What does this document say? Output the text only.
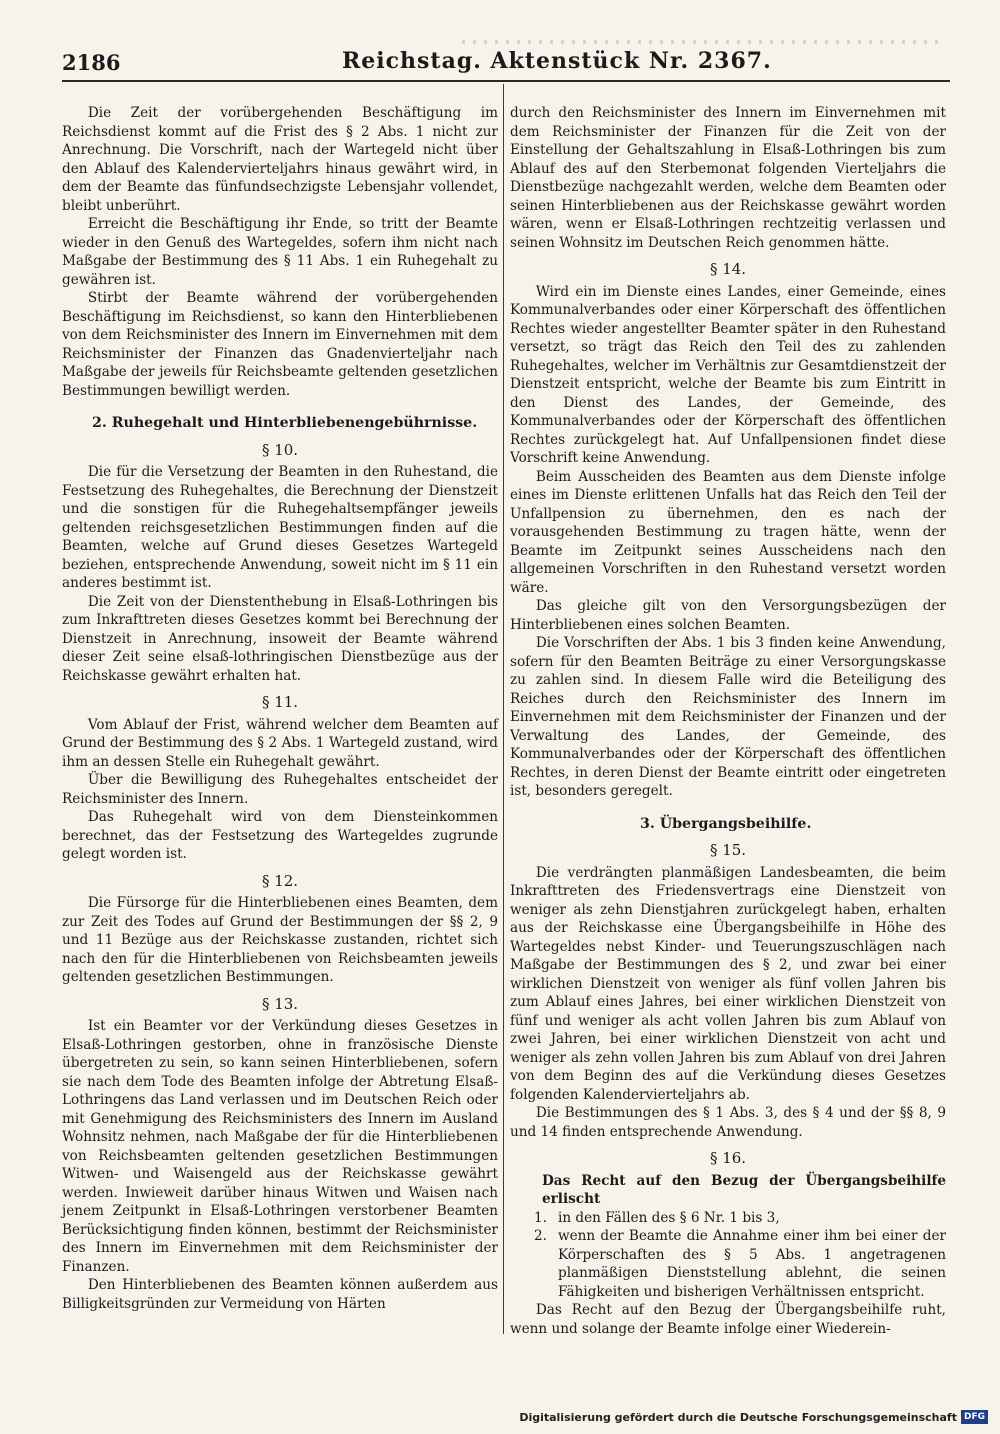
2186	Reichstag. Aktenstück Nr. 2367.

Die Zeit der vorübergehenden Beschäftigung im Reichsdienst kommt auf die Frist des § 2 Abs. 1 nicht zur Anrechnung. Die Vorschrift, nach der Wartegeld nicht über den Ablauf des Kalendervierteljahrs hinaus gewährt wird, in dem der Beamte das fünfundsechzigste Lebensjahr vollendet, bleibt unberührt.

Erreicht die Beschäftigung ihr Ende, so tritt der Beamte wieder in den Genuß des Wartegeldes, sofern ihm nicht nach Maßgabe der Bestimmung des § 11 Abs. 1 ein Ruhegehalt zu gewähren ist.

Stirbt der Beamte während der vorübergehenden Beschäftigung im Reichsdienst, so kann den Hinterbliebenen von dem Reichsminister des Innern im Einvernehmen mit dem Reichsminister der Finanzen das Gnadenvierteljahr nach Maßgabe der jeweils für Reichsbeamte geltenden gesetzlichen Bestimmungen bewilligt werden.

2. Ruhegehalt und Hinterbliebenengebührnisse.
§ 10.

Die für die Versetzung der Beamten in den Ruhestand, die Festsetzung des Ruhegehaltes, die Berechnung der Dienstzeit und die sonstigen für die Ruhegehaltsempfänger jeweils geltenden reichsgesetzlichen Bestimmungen finden auf die Beamten, welche auf Grund dieses Gesetzes Wartegeld beziehen, entsprechende Anwendung, soweit nicht im § 11 ein anderes bestimmt ist.

Die Zeit von der Dienstenthebung in Elsaß-Lothringen bis zum Inkrafttreten dieses Gesetzes kommt bei Berechnung der Dienstzeit in Anrechnung, insoweit der Beamte während dieser Zeit seine elsaß-lothringischen Dienstbezüge aus der Reichskasse gewährt erhalten hat.

§ 11.

Vom Ablauf der Frist, während welcher dem Beamten auf Grund der Bestimmung des § 2 Abs. 1 Wartegeld zustand, wird ihm an dessen Stelle ein Ruhegehalt gewährt.

Über die Bewilligung des Ruhegehaltes entscheidet der Reichsminister des Innern.

Das Ruhegehalt wird von dem Diensteinkommen berechnet, das der Festsetzung des Wartegeldes zugrunde gelegt worden ist.

§ 12.

Die Fürsorge für die Hinterbliebenen eines Beamten, dem zur Zeit des Todes auf Grund der Bestimmungen der §§ 2, 9 und 11 Bezüge aus der Reichskasse zustanden, richtet sich nach den für die Hinterbliebenen von Reichsbeamten jeweils geltenden gesetzlichen Bestimmungen.

§ 13.

Ist ein Beamter vor der Verkündung dieses Gesetzes in Elsaß-Lothringen gestorben, ohne in französische Dienste übergetreten zu sein, so kann seinen Hinterbliebenen, sofern sie nach dem Tode des Beamten infolge der Abtretung Elsaß-Lothringens das Land verlassen und im Deutschen Reich oder mit Genehmigung des Reichsministers des Innern im Ausland Wohnsitz nehmen, nach Maßgabe der für die Hinterbliebenen von Reichsbeamten geltenden gesetzlichen Bestimmungen Witwen- und Waisengeld aus der Reichskasse gewährt werden. Inwieweit darüber hinaus Witwen und Waisen nach jenem Zeitpunkt in Elsaß-Lothringen verstorbener Beamten Berücksichtigung finden können, bestimmt der Reichsminister des Innern im Einvernehmen mit dem Reichsminister der Finanzen.

Den Hinterbliebenen des Beamten können außerdem aus Billigkeitsgründen zur Vermeidung von Härten

durch den Reichsminister des Innern im Einvernehmen mit dem Reichsminister der Finanzen für die Zeit von der Einstellung der Gehaltszahlung in Elsaß-Lothringen bis zum Ablauf des auf den Sterbemonat folgenden Vierteljahrs die Dienstbezüge nachgezahlt werden, welche dem Beamten oder seinen Hinterbliebenen aus der Reichskasse gewährt worden wären, wenn er Elsaß-Lothringen rechtzeitig verlassen und seinen Wohnsitz im Deutschen Reich genommen hätte.

§ 14.

Wird ein im Dienste eines Landes, einer Gemeinde, eines Kommunalverbandes oder einer Körperschaft des öffentlichen Rechtes wieder angestellter Beamter später in den Ruhestand versetzt, so trägt das Reich den Teil des zu zahlenden Ruhegehaltes, welcher im Verhältnis zur Gesamtdienstzeit der Dienstzeit entspricht, welche der Beamte bis zum Eintritt in den Dienst des Landes, der Gemeinde, des Kommunalverbandes oder der Körperschaft des öffentlichen Rechtes zurückgelegt hat. Auf Unfallpensionen findet diese Vorschrift keine Anwendung.

Beim Ausscheiden des Beamten aus dem Dienste infolge eines im Dienste erlittenen Unfalls hat das Reich den Teil der Unfallpension zu übernehmen, den es nach der vorausgehenden Bestimmung zu tragen hätte, wenn der Beamte im Zeitpunkt seines Ausscheidens nach den allgemeinen Vorschriften in den Ruhestand versetzt worden wäre.

Das gleiche gilt von den Versorgungsbezügen der Hinterbliebenen eines solchen Beamten.

Die Vorschriften der Abs. 1 bis 3 finden keine Anwendung, sofern für den Beamten Beiträge zu einer Versorgungskasse zu zahlen sind. In diesem Falle wird die Beteiligung des Reiches durch den Reichsminister des Innern im Einvernehmen mit dem Reichsminister der Finanzen und der Verwaltung des Landes, der Gemeinde, des Kommunalverbandes oder der Körperschaft des öffentlichen Rechtes, in deren Dienst der Beamte eintritt oder eingetreten ist, besonders geregelt.

3. Übergangsbeihilfe.
§ 15.

Die verdrängten planmäßigen Landesbeamten, die beim Inkrafttreten des Friedensvertrags eine Dienstzeit von weniger als zehn Dienstjahren zurückgelegt haben, erhalten aus der Reichskasse eine Übergangsbeihilfe in Höhe des Wartegeldes nebst Kinder- und Teuerungszuschlägen nach Maßgabe der Bestimmungen des § 2, und zwar bei einer wirklichen Dienstzeit von weniger als fünf vollen Jahren bis zum Ablauf eines Jahres, bei einer wirklichen Dienstzeit von fünf und weniger als acht vollen Jahren bis zum Ablauf von zwei Jahren, bei einer wirklichen Dienstzeit von acht und weniger als zehn vollen Jahren bis zum Ablauf von drei Jahren von dem Beginn des auf die Verkündung dieses Gesetzes folgenden Kalendervierteljahrs ab.

Die Bestimmungen des § 1 Abs. 3, des § 4 und der §§ 8, 9 und 14 finden entsprechende Anwendung.

§ 16.

Das Recht auf den Bezug der Übergangsbeihilfe erlischt

1. in den Fällen des § 6 Nr. 1 bis 3,
2. wenn der Beamte die Annahme einer ihm bei einer der Körperschaften des § 5 Abs. 1 angetragenen planmäßigen Dienststellung ablehnt, die seinen Fähigkeiten und bisherigen Verhältnissen entspricht.

Das Recht auf den Bezug der Übergangsbeihilfe ruht, wenn und solange der Beamte infolge einer Wiederein-

Digitalisierung gefördert durch die Deutsche Forschungsgemeinschaft DFG
